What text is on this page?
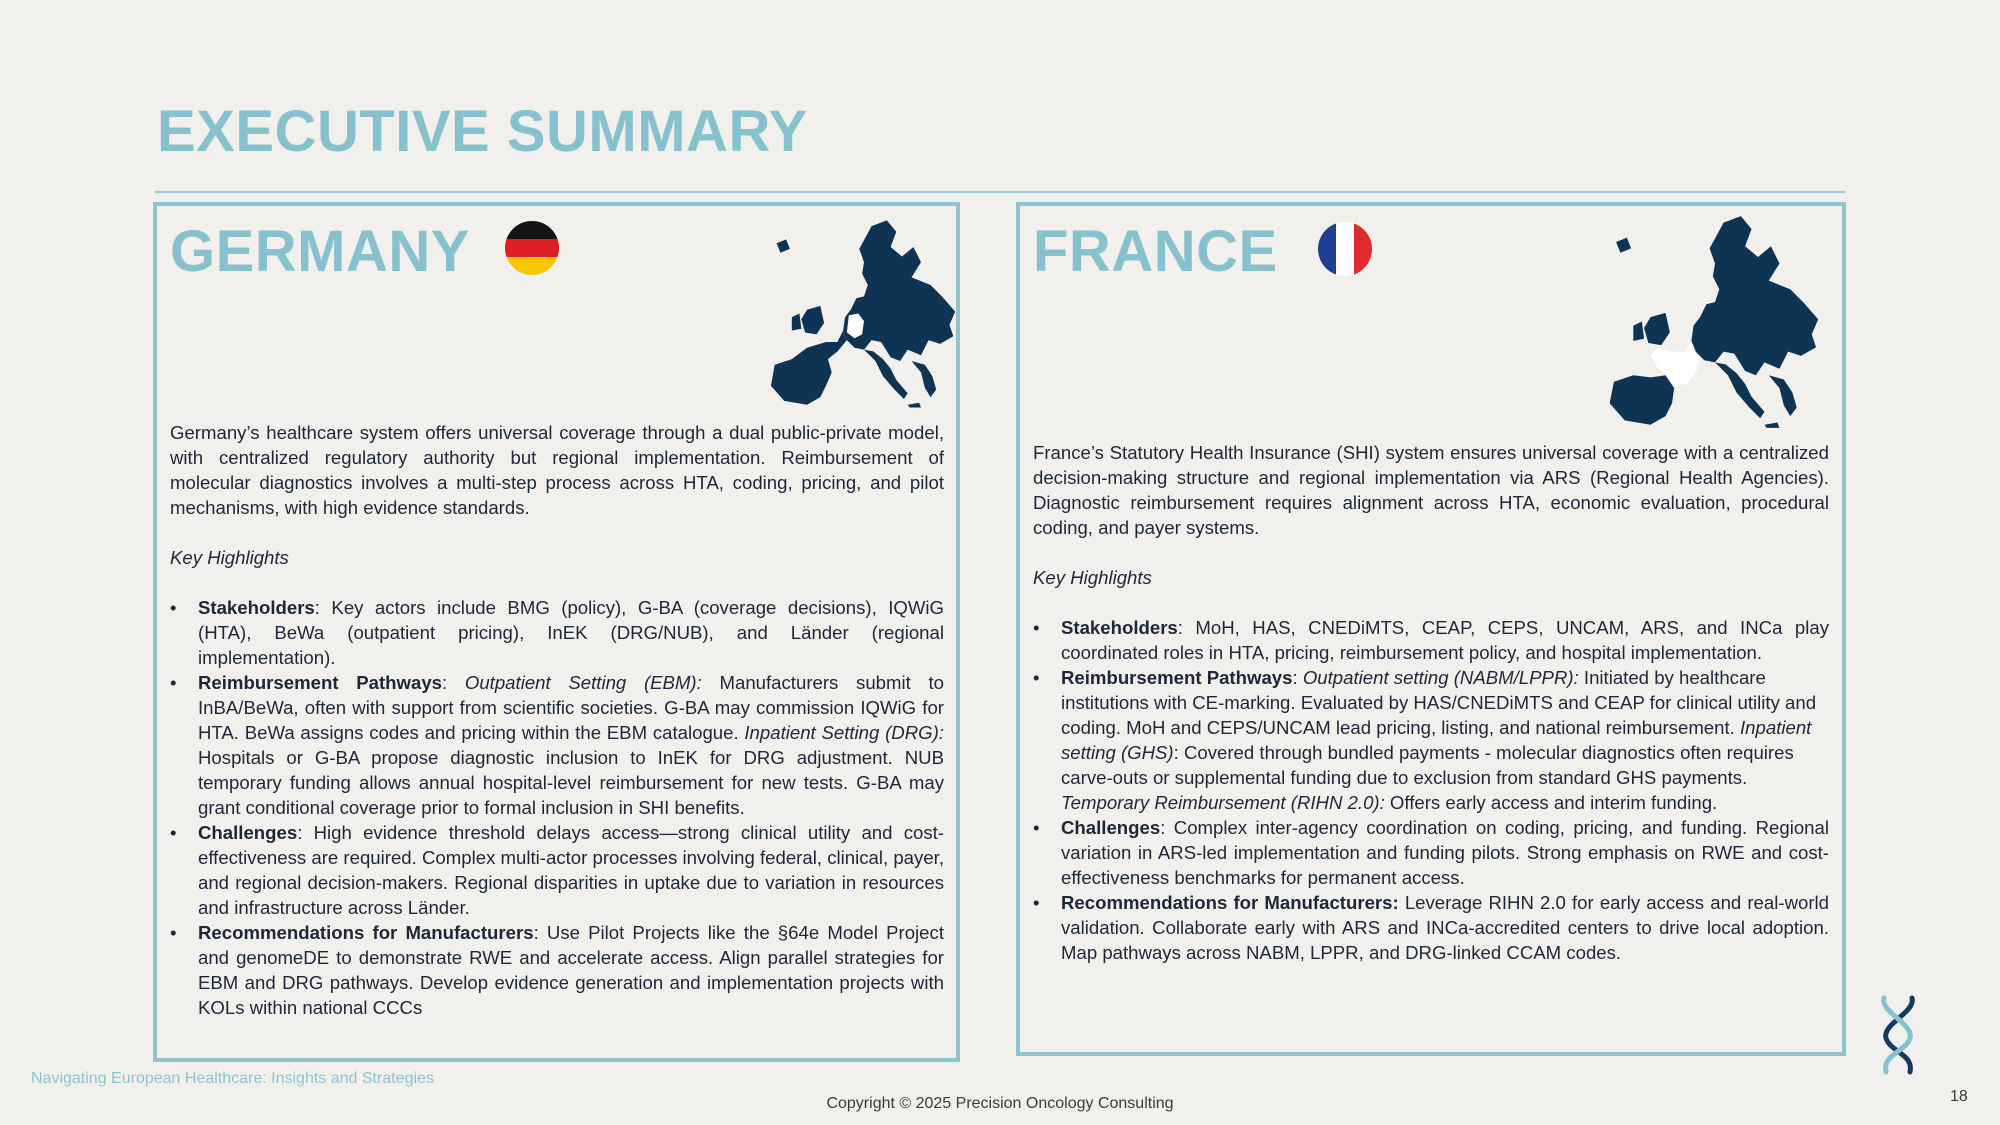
EXECUTIVE SUMMARY
GERMANY

Germany’s healthcare system offers universal coverage through a dual public-private model, with centralized regulatory authority but regional implementation. Reimbursement of molecular diagnostics involves a multi-step process across HTA, coding, pricing, and pilot mechanisms, with high evidence standards.

Key Highlights

• Stakeholders: Key actors include BMG (policy), G-BA (coverage decisions), IQWiG (HTA), BeWa (outpatient pricing), InEK (DRG/NUB), and Länder (regional implementation).
• Reimbursement Pathways: Outpatient Setting (EBM): Manufacturers submit to InBA/BeWa, often with support from scientific societies. G-BA may commission IQWiG for HTA. BeWa assigns codes and pricing within the EBM catalogue. Inpatient Setting (DRG): Hospitals or G-BA propose diagnostic inclusion to InEK for DRG adjustment. NUB temporary funding allows annual hospital-level reimbursement for new tests. G-BA may grant conditional coverage prior to formal inclusion in SHI benefits.
• Challenges: High evidence threshold delays access—strong clinical utility and cost-effectiveness are required. Complex multi-actor processes involving federal, clinical, payer, and regional decision-makers. Regional disparities in uptake due to variation in resources and infrastructure across Länder.
• Recommendations for Manufacturers: Use Pilot Projects like the §64e Model Project and genomeDE to demonstrate RWE and accelerate access. Align parallel strategies for EBM and DRG pathways. Develop evidence generation and implementation projects with KOLs within national CCCs
FRANCE

France’s Statutory Health Insurance (SHI) system ensures universal coverage with a centralized decision-making structure and regional implementation via ARS (Regional Health Agencies). Diagnostic reimbursement requires alignment across HTA, economic evaluation, procedural coding, and payer systems.

Key Highlights

• Stakeholders: MoH, HAS, CNEDiMTS, CEAP, CEPS, UNCAM, ARS, and INCa play coordinated roles in HTA, pricing, reimbursement policy, and hospital implementation.
• Reimbursement Pathways: Outpatient setting (NABM/LPPR): Initiated by healthcare institutions with CE-marking. Evaluated by HAS/CNEDiMTS and CEAP for clinical utility and coding. MoH and CEPS/UNCAM lead pricing, listing, and national reimbursement. Inpatient setting (GHS): Covered through bundled payments - molecular diagnostics often requires carve-outs or supplemental funding due to exclusion from standard GHS payments. Temporary Reimbursement (RIHN 2.0): Offers early access and interim funding.
• Challenges: Complex inter-agency coordination on coding, pricing, and funding. Regional variation in ARS-led implementation and funding pilots. Strong emphasis on RWE and cost-effectiveness benchmarks for permanent access.
• Recommendations for Manufacturers: Leverage RIHN 2.0 for early access and real-world validation. Collaborate early with ARS and INCa-accredited centers to drive local adoption. Map pathways across NABM, LPPR, and DRG-linked CCAM codes.
Navigating European Healthcare: Insights and Strategies
Copyright © 2025 Precision Oncology Consulting	18
